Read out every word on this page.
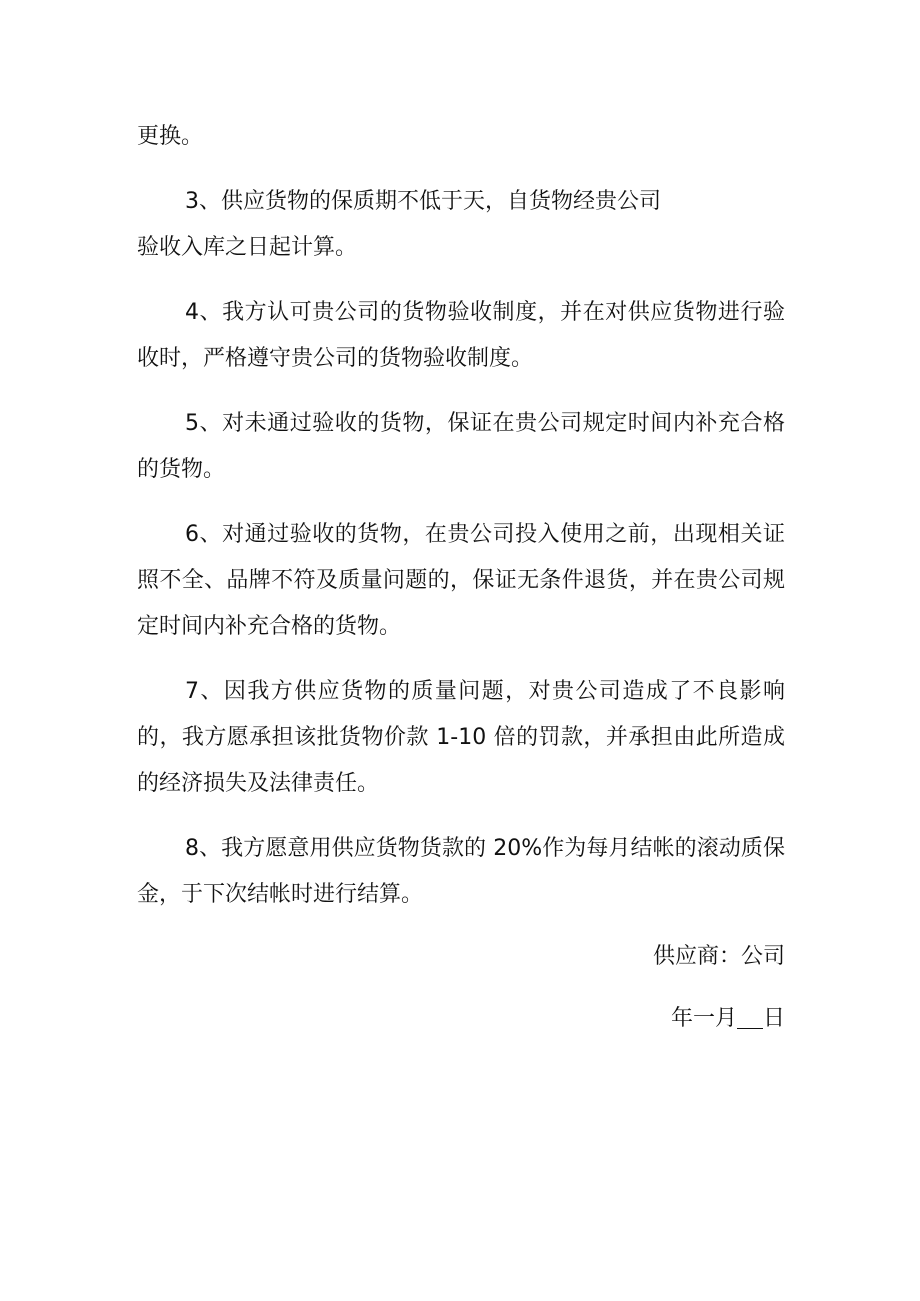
更换。

3、供应货物的保质期不低于天，自货物经贵公司
验收入库之日起计算。

4、我方认可贵公司的货物验收制度，并在对供应货物进行验收时，严格遵守贵公司的货物验收制度。

5、对未通过验收的货物，保证在贵公司规定时间内补充合格的货物。

6、对通过验收的货物，在贵公司投入使用之前，出现相关证照不全、品牌不符及质量问题的，保证无条件退货，并在贵公司规定时间内补充合格的货物。

7、因我方供应货物的质量问题，对贵公司造成了不良影响的，我方愿承担该批货物价款 1-10 倍的罚款，并承担由此所造成的经济损失及法律责任。

8、我方愿意用供应货物货款的 20%作为每月结帐的滚动质保金，于下次结帐时进行结算。

供应商：公司

年一月 日
